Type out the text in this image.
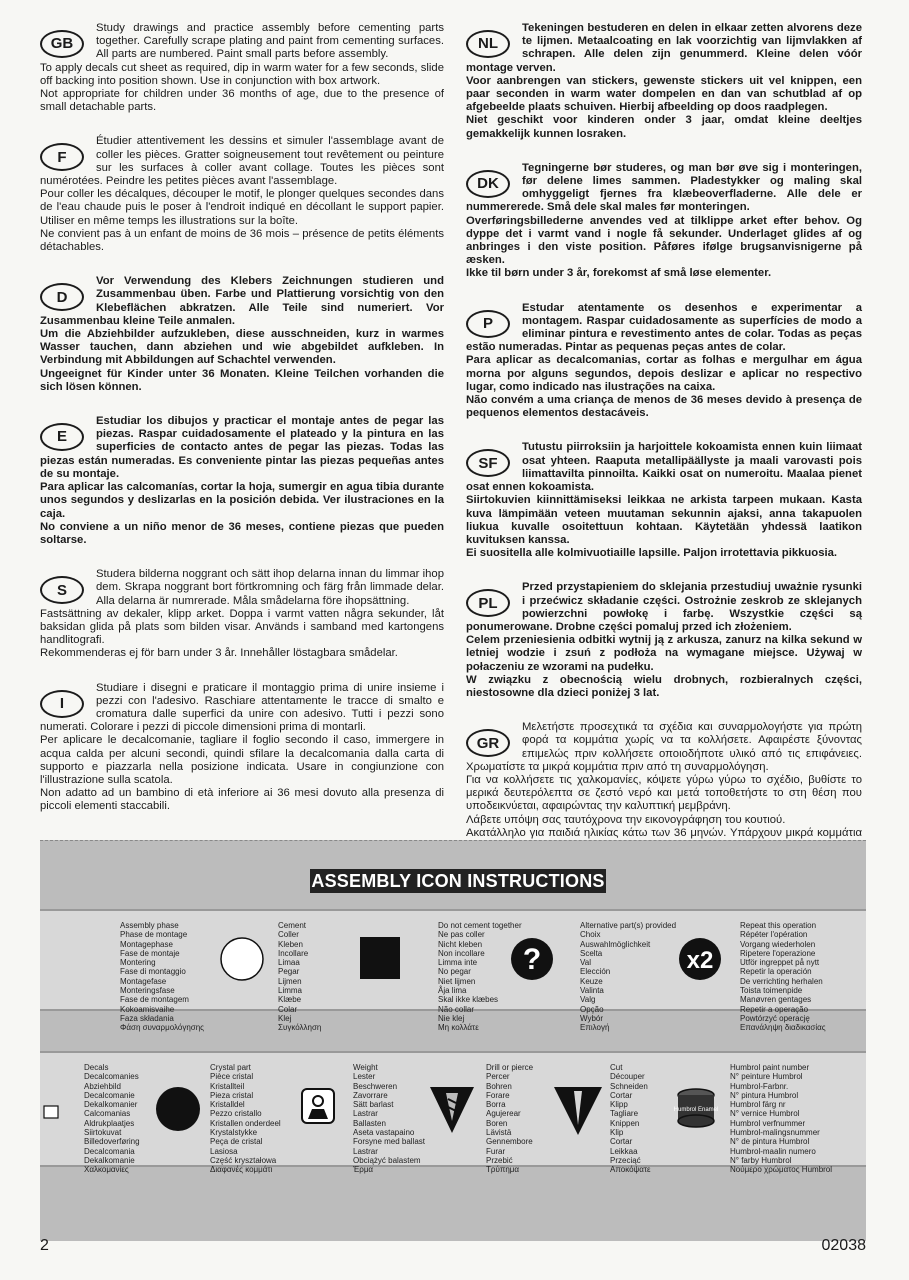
GB

Study drawings and practice assembly before cementing parts together. Carefully scrape plating and paint from cementing surfaces. All parts are numbered. Paint small parts before assembly.

To apply decals cut sheet as required, dip in warm water for a few seconds, slide off backing into position shown. Use in conjunction with box artwork.

Not appropriate for children under 36 months of age, due to the presence of small detachable parts.

F

Étudier attentivement les dessins et simuler l'assemblage avant de coller les pièces. Gratter soigneusement tout revêtement ou peinture sur les surfaces à coller avant collage. Toutes les pièces sont numérotées. Peindre les petites pièces avant l'assemblage.

Pour coller les décalques, découper le motif, le plonger quelques secondes dans de l'eau chaude puis le poser à l'endroit indiqué en décollant le support papier. Utiliser en même temps les illustrations sur la boîte.

Ne convient pas à un enfant de moins de 36 mois – présence de petits éléments détachables.

D

Vor Verwendung des Klebers Zeichnungen studieren und Zusammenbau üben. Farbe und Plattierung vorsichtig von den Klebeflächen abkratzen. Alle Teile sind numeriert. Vor Zusammenbau kleine Teile anmalen.

Um die Abziehbilder aufzukleben, diese ausschneiden, kurz in warmes Wasser tauchen, dann abziehen und wie abgebildet aufkleben. In Verbindung mit Abbildungen auf Schachtel verwenden.

Ungeeignet für Kinder unter 36 Monaten. Kleine Teilchen vorhanden die sich lösen können.

E

Estudiar los dibujos y practicar el montaje antes de pegar las piezas. Raspar cuidadosamente el plateado y la pintura en las superficies de contacto antes de pegar las piezas. Todas las piezas están numeradas. Es conveniente pintar las piezas pequeñas antes de su montaje.

Para aplicar las calcomanías, cortar la hoja, sumergir en agua tibia durante unos segundos y deslizarlas en la posición debida. Ver ilustraciones en la caja.

No conviene a un niño menor de 36 meses, contiene piezas que pueden soltarse.

S

Studera bilderna noggrant och sätt ihop delarna innan du limmar ihop dem. Skrapa noggrant bort förtkromning och färg från limmade delar. Alla delarna är numrerade. Måla smådelarna före ihopsättning.

Fastsättning av dekaler, klipp arket. Doppa i varmt vatten några sekunder, låt baksidan glida på plats som bilden visar. Används i samband med kartongens handlitografi.

Rekommenderas ej för barn under 3 år. Innehåller löstagbara smådelar.

I

Studiare i disegni e praticare il montaggio prima di unire insieme i pezzi con l'adesivo. Raschiare attentamente le tracce di smalto e cromatura dalle superfici da unire con adesivo. Tutti i pezzi sono numerati. Colorare i pezzi di piccole dimensioni prima di montarli.

Per aplicare le decalcomanie, tagliare il foglio secondo il caso, immergere in acqua calda per alcuni secondi, quindi sfilare la decalcomania dalla carta di supporto e piazzarla nella posizione indicata. Usare in congiunzione con l'illustrazione sulla scatola.

Non adatto ad un bambino di età inferiore ai 36 mesi dovuto alla presenza di piccoli elementi staccabili.

NL

Tekeningen bestuderen en delen in elkaar zetten alvorens deze te lijmen. Metaalcoating en lak voorzichtig van lijmvlakken af schrapen. Alle delen zijn genummerd. Kleine delen vóór montage verven.

Voor aanbrengen van stickers, gewenste stickers uit vel knippen, een paar seconden in warm water dompelen en dan van schutblad af op afgebeelde plaats schuiven. Hierbij afbeelding op doos raadplegen.

Niet geschikt voor kinderen onder 3 jaar, omdat kleine deeltjes gemakkelijk kunnen losraken.

DK

Tegningerne bør studeres, og man bør øve sig i monteringen, før delene limes sammen. Pladestykker og maling skal omhyggeligt fjernes fra klæbeoverfladerne. Alle dele er nummererede. Små dele skal males før monteringen.

Overføringsbillederne anvendes ved at tilklippe arket efter behov. Og dyppe det i varmt vand i nogle få sekunder. Underlaget glides af og anbringes i den viste position. Påføres ifølge brugsanvisnigerne på æsken.

Ikke til børn under 3 år, forekomst af små løse elementer.

P

Estudar atentamente os desenhos e experimentar a montagem. Raspar cuidadosamente as superfícies de modo a eliminar pintura e revestimento antes de colar. Todas as peças estão numeradas. Pintar as pequenas peças antes de colar.

Para aplicar as decalcomanias, cortar as folhas e mergulhar em água morna por alguns segundos, depois deslizar e aplicar no respectivo lugar, como indicado nas ilustrações na caixa.

Não convém a uma criança de menos de 36 meses devido à presença de pequenos elementos destacáveis.

SF

Tutustu piirroksiin ja harjoittele kokoamista ennen kuin liimaat osat yhteen. Raaputa metallipäällyste ja maali varovasti pois liimattavilta pinnoilta. Kaikki osat on numeroitu. Maalaa pienet osat ennen kokoamista.

Siirtokuvien kiinnittämiseksi leikkaa ne arkista tarpeen mukaan. Kasta kuva lämpimään veteen muutaman sekunnin ajaksi, anna takapuolen liukua kuvalle osoitettuun kohtaan. Käytetään yhdessä laatikon kuvituksen kanssa.

Ei suositella alle kolmivuotiaille lapsille. Paljon irrotettavia pikkuosia.

PL

Przed przystapieniem do sklejania przestudiuj uważnie rysunki i przećwicz składanie części. Ostrożnie zeskrob ze sklejanych powierzchni powłokę i farbę. Wszystkie części są ponumerowane. Drobne części pomaluj przed ich złożeniem.

Celem przeniesienia odbitki wytnij ją z arkusza, zanurz na kilka sekund w letniej wodzie i zsuń z podłoża na wymagane miejsce. Używaj w połaczeniu ze wzorami na pudełku.

W związku z obecnością wielu drobnych, rozbieralnych części, niestosowne dla dzieci poniżej 3 lat.

GR

Μελετήστε προσεχτικά τα σχέδια και συναρμολογήστε για πρώτη φορά τα κομμάτια χωρίς να τα κολλήσετε. Αφαιρέστε ξύνοντας επιμελώς πριν κολλήσετε οποιοδήποτε υλικό από τις επιφάνειες. Χρωματίστε τα μικρά κομμάτια πριν από τη συναρμολόγηση.

Για να κολλήσετε τις χαλκομανίες, κόψετε γύρω γύρω το σχέδιο, βυθίστε το μερικά δευτερόλεπτα σε ζεστό νερό και μετά τοποθετήστε το στη θέση που υποδεικνύεται, αφαιρώντας την καλυπτική μεμβράνη.

Λάβετε υπόψη σας ταυτόχρονα την εικονογράφηση του κουτιού.

Ακατάλληλο για παιδιά ηλικίας κάτω των 36 μηνών. Υπάρχουν μικρά κομμάτια

ASSEMBLY ICON INSTRUCTIONS
Assembly phase
Phase de montage
Montagephase
Fase de montaje
Montering
Fase di montaggio
Montagefase
Monteringsfase
Fase de montagem
Kokoamisvaihe
Faza składania
Φάση συναρμολόγησης
Cement
Coller
Kleben
Incollare
Limaa
Pegar
Lijmen
Limma
Klæbe
Colar
Klej
Συγκόλληση
Do not cement together
Ne pas coller
Nicht kleben
Non incollare
Limma inte
No pegar
Niet lijmen
Åja lima
Skal ikke klæbes
Não collar
Nie klej
Μη κολλάτε
Alternative part(s) provided
Choix
Auswahlmöglichkeit
Scelta
Val
Elección
Keuze
Valinta
Valg
Opção
Wybór
Επιλογή
?
Repeat this operation
Répéter l'opération
Vorgang wiederholen
Ripetere l'operazione
Utför ingreppet på nytt
Repetir la operación
De verrichting herhalen
Toista toimenpide
Manøvren gentages
Repetir a operação
Powtórzyć operację
Επανάληψη διαδικασίας
x2
Decals
Decalcomanies
Abziehbild
Decalcomanie
Dekalkomanier
Calcomanias
Aldrukplaatjes
Siirtokuvat
Billedoverføring
Decalcomania
Dekalkomanie
Χαλκομανίες
Crystal part
Pièce cristal
Kristallteil
Pieza cristal
Kristalldel
Pezzo cristallo
Kristallen onderdeel
Krystalstykke
Peça de cristal
Lasiosa
Część kryształowa
Διαφανές κομμάτι
Weight
Lester
Beschweren
Zavorrare
Sätt barlast
Lastrar
Ballasten
Aseta vastapaino
Forsyne med ballast
Lastrar
Obciążyć balastem
Έρμα
Drill or pierce
Percer
Bohren
Forare
Borra
Agujerear
Boren
Lävistä
Gennembore
Furar
Przebić
Τρύπημα
Cut
Découper
Schneiden
Cortar
Klipp
Tagliare
Knippen
Klip
Cortar
Leikkaa
Przeciąć
Αποκόψατε
Humbrol paint number
N° peinture Humbrol
Humbrol-Farbnr.
N° pintura Humbrol
Humbrol färg nr
N° vernice Humbrol
Humbrol verfnummer
Humbrol-malingsnummer
N° de pintura Humbrol
Humbrol-maalin numero
N° farby Humbrol
Νούμερο χρώματος Humbrol
Humbrol Enamel
2	02038
